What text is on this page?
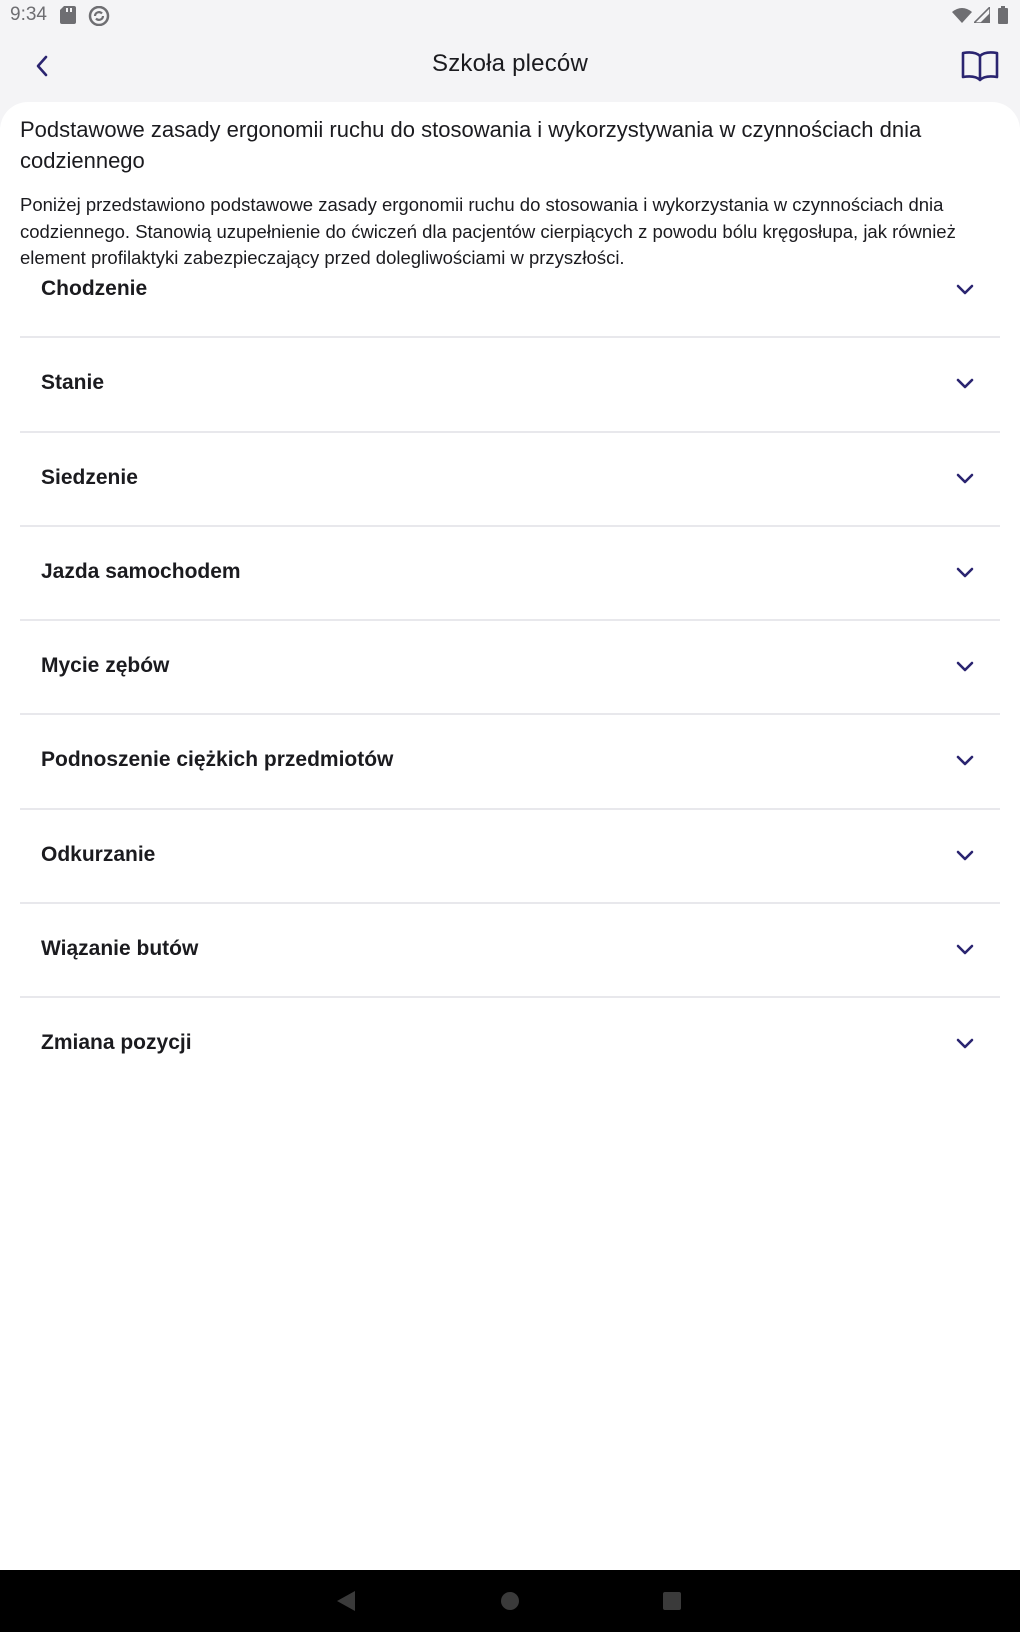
9:34
Szkoła pleców
Podstawowe zasady ergonomii ruchu do stosowania i wykorzystywania w czynnościach dnia codziennego
Poniżej przedstawiono podstawowe zasady ergonomii ruchu do stosowania i wykorzystania w czynnościach dnia codziennego. Stanowią uzupełnienie do ćwiczeń dla pacjentów cierpiących z powodu bólu kręgosłupa, jak również element profilaktyki zabezpieczający przed dolegliwościami w przyszłości.
Chodzenie
Stanie
Siedzenie
Jazda samochodem
Mycie zębów
Podnoszenie ciężkich przedmiotów
Odkurzanie
Wiązanie butów
Zmiana pozycji
